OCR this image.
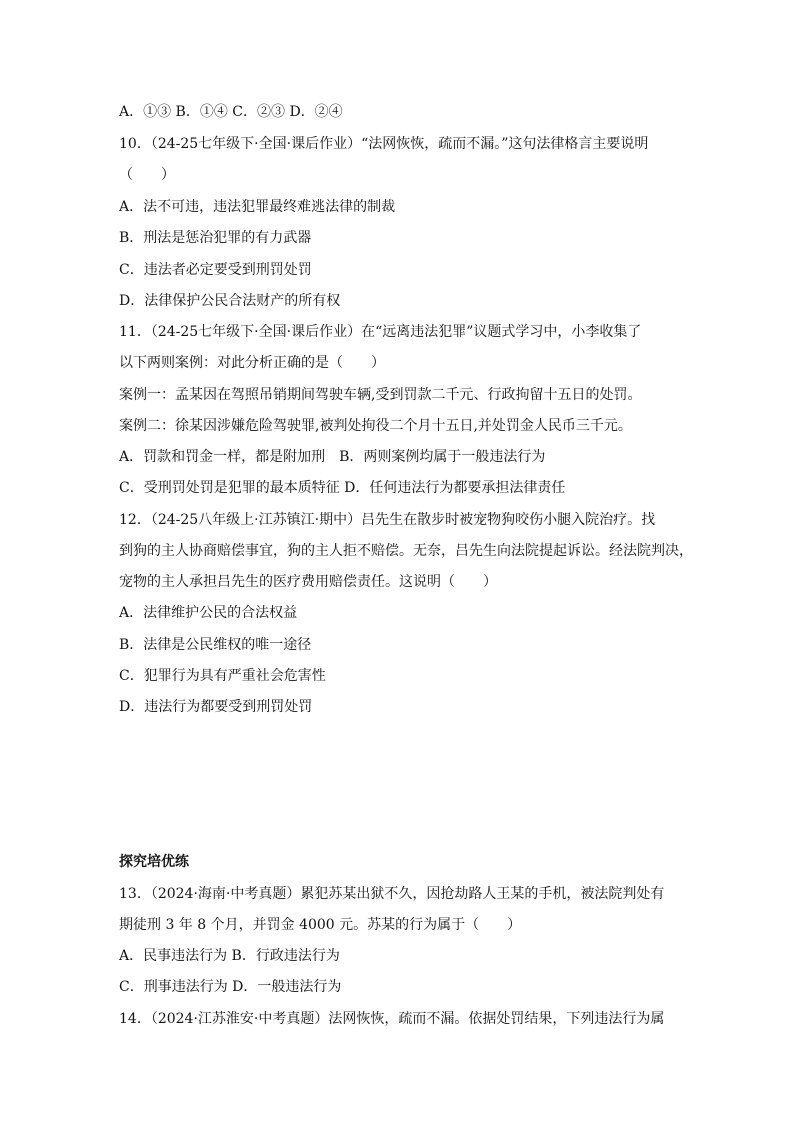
A．①③ B．①④ C．②③ D．②④
10．（24-25七年级下·全国·课后作业）“法网恢恢，疏而不漏。”这句法律格言主要说明
（　　）
A．法不可违，违法犯罪最终难逃法律的制裁
B．刑法是惩治犯罪的有力武器
C．违法者必定要受到刑罚处罚
D．法律保护公民合法财产的所有权
11．（24-25七年级下·全国·课后作业）在“远离违法犯罪”议题式学习中，小李收集了
以下两则案例：对此分析正确的是（　　）
案例一：孟某因在驾照吊销期间驾驶车辆,受到罚款二千元、行政拘留十五日的处罚。
案例二：徐某因涉嫌危险驾驶罪,被判处拘役二个月十五日,并处罚金人民币三千元。
A．罚款和罚金一样，都是附加刑　B．两则案例均属于一般违法行为
C．受刑罚处罚是犯罪的最本质特征 D．任何违法行为都要承担法律责任
12．（24-25八年级上·江苏镇江·期中）吕先生在散步时被宠物狗咬伤小腿入院治疗。找
到狗的主人协商赔偿事宜，狗的主人拒不赔偿。无奈，吕先生向法院提起诉讼。经法院判决，
宠物的主人承担吕先生的医疗费用赔偿责任。这说明（　　）
A．法律维护公民的合法权益
B．法律是公民维权的唯一途径
C．犯罪行为具有严重社会危害性
D．违法行为都要受到刑罚处罚
探究培优练
13．（2024·海南·中考真题）累犯苏某出狱不久，因抢劫路人王某的手机，被法院判处有
期徒刑 3 年 8 个月，并罚金 4000 元。苏某的行为属于（　　）
A．民事违法行为 B．行政违法行为
C．刑事违法行为 D．一般违法行为
14．（2024·江苏淮安·中考真题）法网恢恢，疏而不漏。依据处罚结果，下列违法行为属
